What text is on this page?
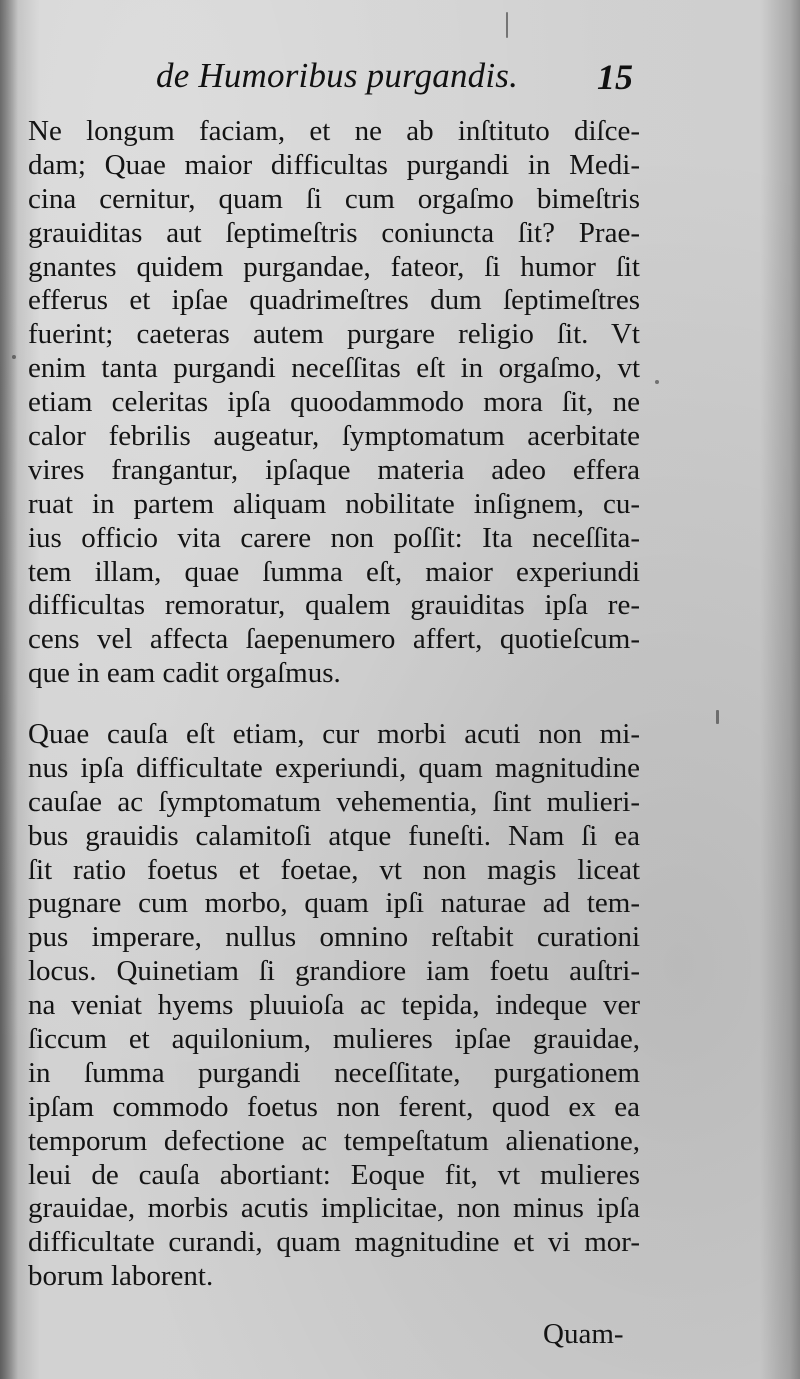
de Humoribus purgandis. 15
Ne longum faciam, et ne ab inſtituto diſce-
dam; Quae maior difficultas purgandi in Medi-
cina cernitur, quam ſi cum orgaſmo bimeſtris
grauiditas aut ſeptimeſtris coniuncta ſit? Prae-
gnantes quidem purgandae, fateor, ſi humor ſit
efferus et ipſae quadrimeſtres dum ſeptimeſtres
fuerint; caeteras autem purgare religio ſit. Vt
enim tanta purgandi neceſſitas eſt in orgaſmo, vt
etiam celeritas ipſa quoodammodo mora ſit, ne
calor febrilis augeatur, ſymptomatum acerbitate
vires frangantur, ipſaque materia adeo effera
ruat in partem aliquam nobilitate inſignem, cu-
ius officio vita carere non poſſit: Ita neceſſita-
tem illam, quae ſumma eſt, maior experiundi
difficultas remoratur, qualem grauiditas ipſa re-
cens vel affecta ſaepenumero affert, quotieſcum-
que in eam cadit orgaſmus.
Quae cauſa eſt etiam, cur morbi acuti non mi-
nus ipſa difficultate experiundi, quam magnitudine
cauſae ac ſymptomatum vehementia, ſint mulieri-
bus grauidis calamitoſi atque funeſti. Nam ſi ea
ſit ratio foetus et foetae, vt non magis liceat
pugnare cum morbo, quam ipſi naturae ad tem-
pus imperare, nullus omnino reſtabit curationi
locus. Quinetiam ſi grandiore iam foetu auſtri-
na veniat hyems pluuioſa ac tepida, indeque ver
ſiccum et aquilonium, mulieres ipſae grauidae,
in ſumma purgandi neceſſitate, purgationem
ipſam commodo foetus non ferent, quod ex ea
temporum defectione ac tempeſtatum alienatione,
leui de cauſa abortiant: Eoque fit, vt mulieres
grauidae, morbis acutis implicitae, non minus ipſa
difficultate curandi, quam magnitudine et vi mor-
borum laborent.
Quam-
